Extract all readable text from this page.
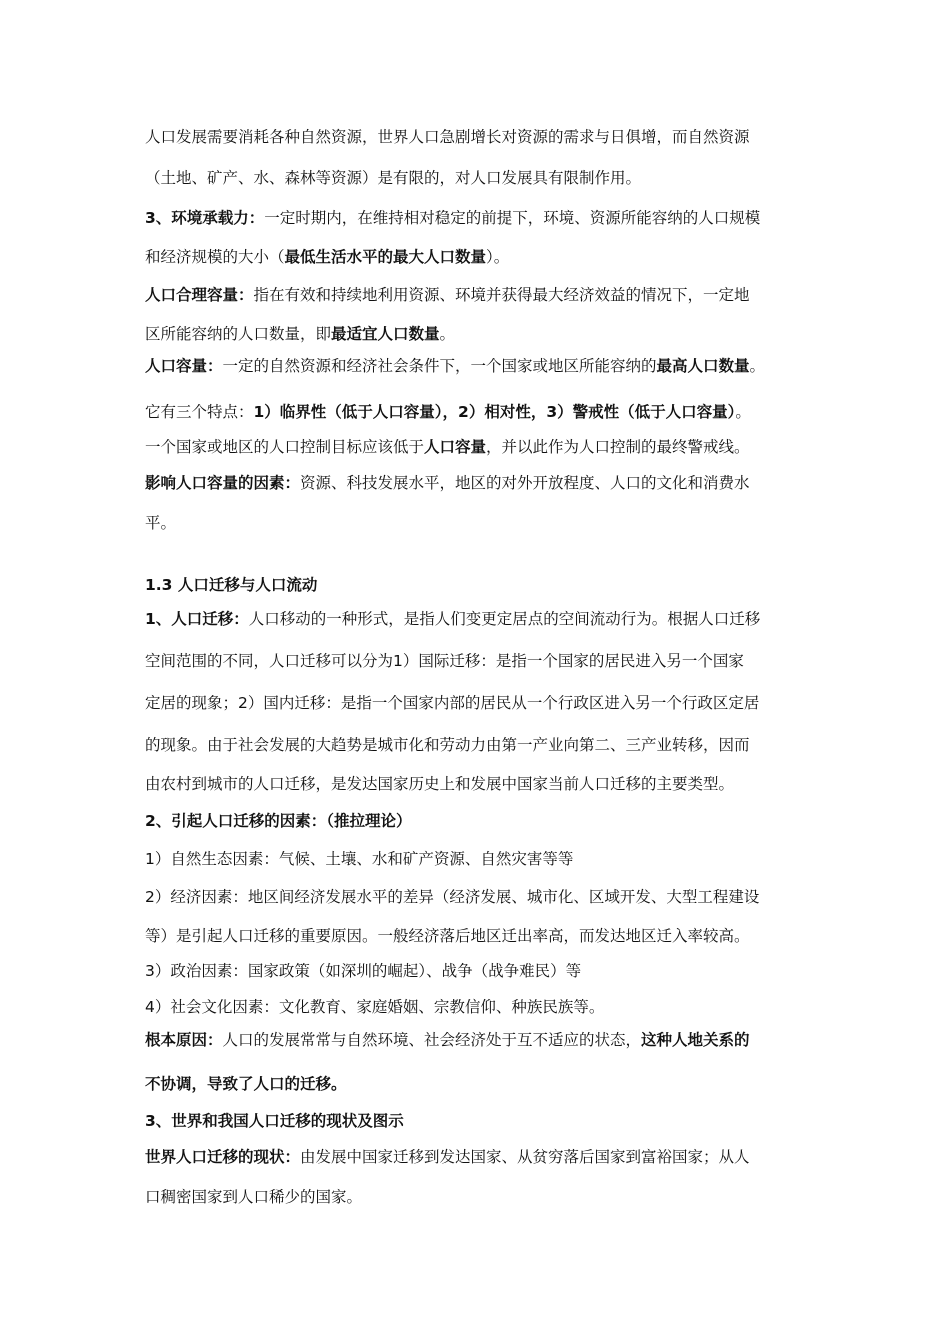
人口发展需要消耗各种自然资源，世界人口急剧增长对资源的需求与日俱增，而自然资源
（土地、矿产、水、森林等资源）是有限的，对人口发展具有限制作用。
3、环境承载力：一定时期内，在维持相对稳定的前提下，环境、资源所能容纳的人口规模
和经济规模的大小（最低生活水平的最大人口数量）。
人口合理容量：指在有效和持续地利用资源、环境并获得最大经济效益的情况下，一定地
区所能容纳的人口数量，即最适宜人口数量。
人口容量：一定的自然资源和经济社会条件下，一个国家或地区所能容纳的最高人口数量。
它有三个特点：1）临界性（低于人口容量），2）相对性，3）警戒性（低于人口容量）。
一个国家或地区的人口控制目标应该低于人口容量，并以此作为人口控制的最终警戒线。
影响人口容量的因素：资源、科技发展水平，地区的对外开放程度、人口的文化和消费水
平。
1.3 人口迁移与人口流动
1、人口迁移：人口移动的一种形式，是指人们变更定居点的空间流动行为。根据人口迁移
空间范围的不同，人口迁移可以分为1）国际迁移：是指一个国家的居民进入另一个国家
定居的现象；2）国内迁移：是指一个国家内部的居民从一个行政区进入另一个行政区定居
的现象。由于社会发展的大趋势是城市化和劳动力由第一产业向第二、三产业转移，因而
由农村到城市的人口迁移，是发达国家历史上和发展中国家当前人口迁移的主要类型。
2、引起人口迁移的因素：（推拉理论）
1）自然生态因素：气候、土壤、水和矿产资源、自然灾害等等
2）经济因素：地区间经济发展水平的差异（经济发展、城市化、区域开发、大型工程建设
等）是引起人口迁移的重要原因。一般经济落后地区迁出率高，而发达地区迁入率较高。
3）政治因素：国家政策（如深圳的崛起）、战争（战争难民）等
4）社会文化因素：文化教育、家庭婚姻、宗教信仰、种族民族等。
根本原因：人口的发展常常与自然环境、社会经济处于互不适应的状态，这种人地关系的
不协调，导致了人口的迁移。
3、世界和我国人口迁移的现状及图示
世界人口迁移的现状：由发展中国家迁移到发达国家、从贫穷落后国家到富裕国家；从人
口稠密国家到人口稀少的国家。
